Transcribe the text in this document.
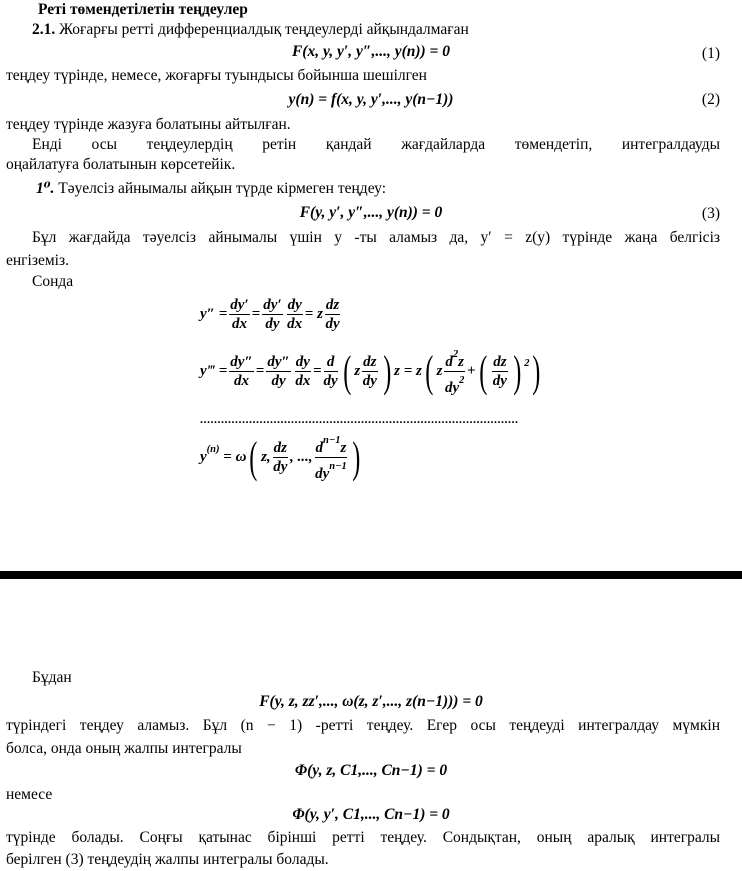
Реті төмендетілетін теңдеулер
2.1. Жоғарғы ретті дифференциалдық теңдеулерді айқындалмаған
F(x, y, y′, y″,..., y(n)) = 0	(1)
теңдеу түрінде, немесе, жоғарғы туындысы бойынша шешілген
y(n) = f(x, y, y′,..., y(n−1))	(2)
теңдеу түрінде жазуға болатыны айтылған.
Енді осы теңдеулердің ретін қандай жағдайларда төмендетіп, интегралдауды
оңайлатуға болатынын көрсетейік.
1⁰. Тәуелсіз айнымалы айқын түрде кірмеген теңдеу:
F(y, y′, y″,..., y(n)) = 0	(3)
Бұл жағдайда тәуелсіз айнымалы үшін y -ты аламыз да, y′ = z(y) түрінде жаңа белгісіз
енгіземіз.
Сонда
$y'' = \frac{dy'}{dx} = \frac{dy'}{dy} \frac{dy}{dx} = z \frac{dz}{dy}$
y‴ = $\frac{dy''}{dx} = \frac{dy''}{dy} \frac{dy}{dx} = \frac{d}{dy}$ ( z $\frac{dz}{dy}$ ) z = z( z $\frac{d^2z}{dy^2}$ +( $\frac{dz}{dy}$ ) $^2$)
...........................................................................................
$y^{(n)} = \omega$( z, $\frac{dz}{dy}$ , ...,
$d^{n-1}z$
$dy^{n-1}$ )
Бұдан
F(y, z, zz′,..., ω(z, z′,..., z(n−1))) = 0
түріндегі теңдеу аламыз. Бұл (n − 1) -ретті теңдеу. Егер осы теңдеуді интегралдау мүмкін
болса, онда оның жалпы интегралы
Φ(y, z, C1,..., Cn−1) = 0
немесе
Φ(y, y′, C1,..., Cn−1) = 0
түрінде болады. Соңғы қатынас бірінші ретті теңдеу. Сондықтан, оның аралық интегралы
берілген (3) теңдеудің жалпы интегралы болады.
